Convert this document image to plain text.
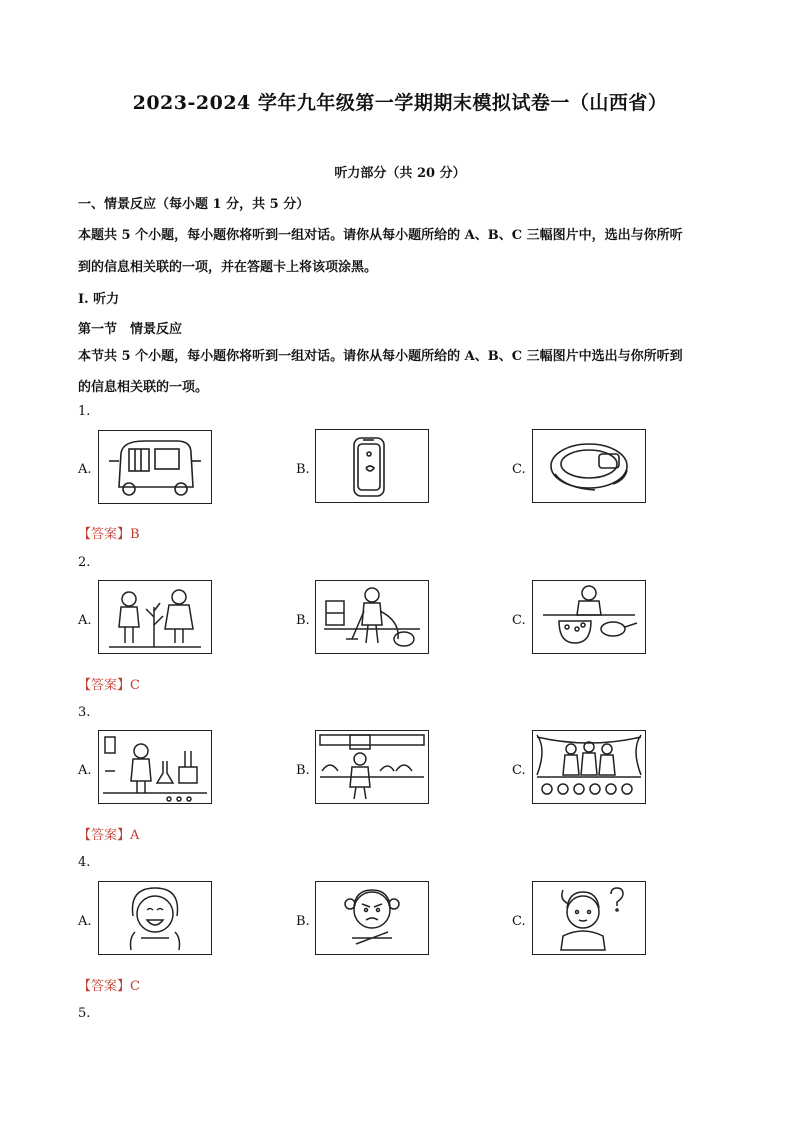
2023-2024 学年九年级第一学期期末模拟试卷一（山西省）
听力部分（共 20 分）
一、情景反应（每小题 1 分，共 5 分）
本题共 5 个小题，每小题你将听到一组对话。请你从每小题所给的 A、B、C 三幅图片中，选出与你所听
到的信息相关联的一项，并在答题卡上将该项涂黑。
I. 听力
第一节　情景反应
本节共 5 个小题，每小题你将听到一组对话。请你从每小题所给的 A、B、C 三幅图片中选出与你所听到
的信息相关联的一项。
1.
A.	B.	C.
【答案】B
2.
A.	B.	C.
【答案】C
3.
A.	B.	C.
【答案】A
4.
A.	B.	C.
【答案】C
5.
